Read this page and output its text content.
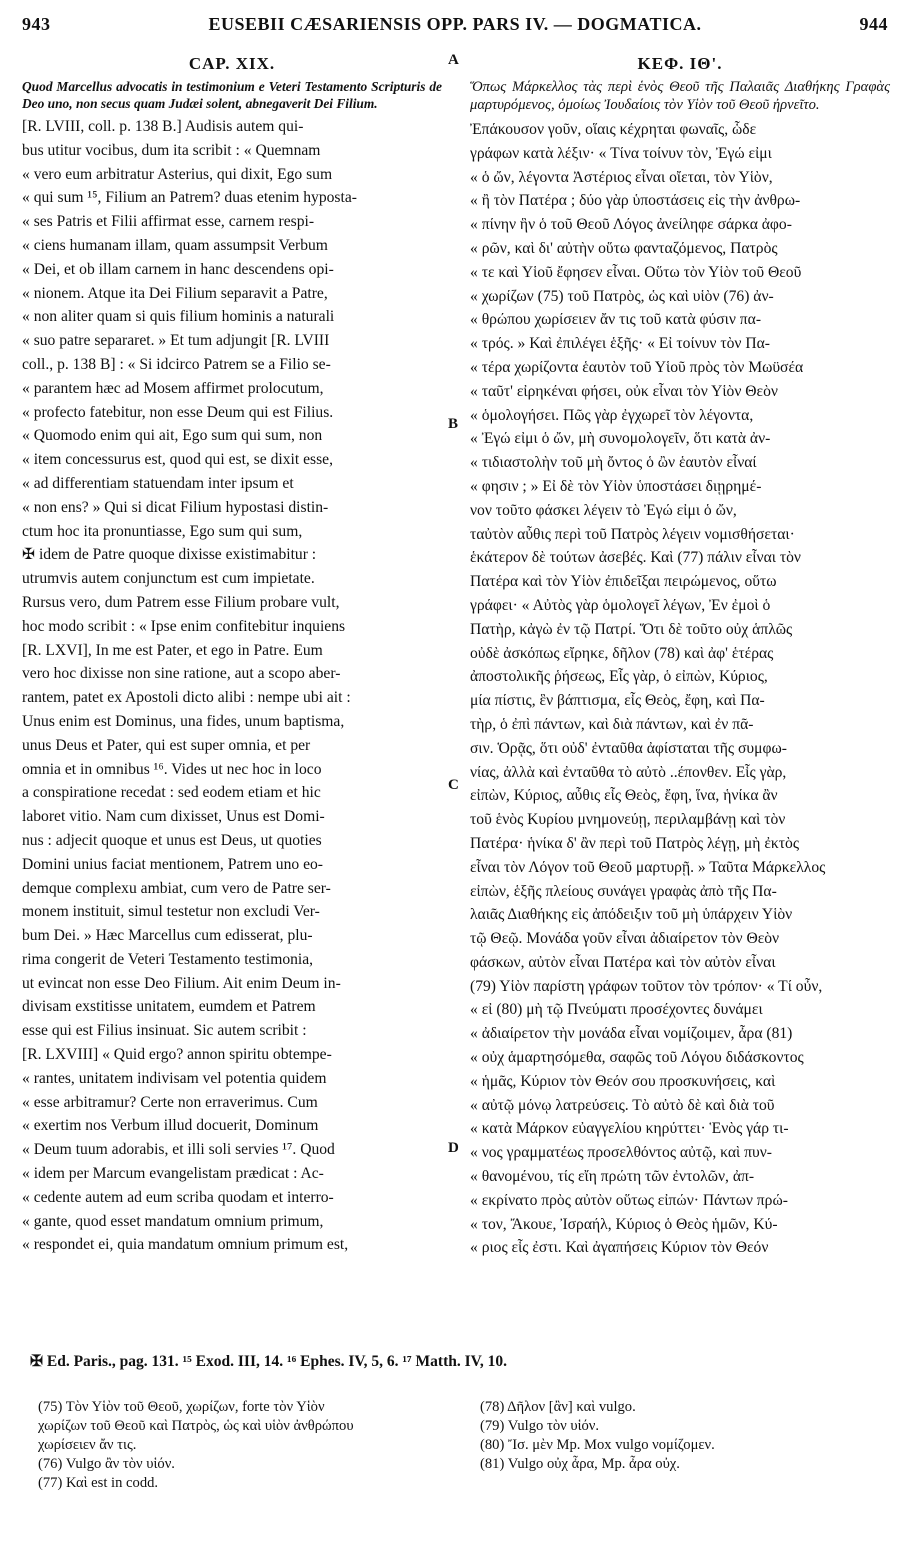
943	EUSEBII CÆSARIENSIS OPP. PARS IV. — DOGMATICA.	944
CAP. XIX.

Quod Marcellus advocatis in testimonium e Veteri Testamento Scripturis de Deo uno, non secus quam Judæi solent, abnegaverit Dei Filium.

[R. LVIII, coll. p. 138 B.] Audisis autem qui-
bus utitur vocibus, dum ita scribit : « Quemnam
« vero eum arbitratur Asterius, qui dixit, Ego sum
« qui sum ¹⁵, Filium an Patrem? duas etenim hyposta-
« ses Patris et Filii affirmat esse, carnem respi-
« ciens humanam illam, quam assumpsit Verbum
« Dei, et ob illam carnem in hanc descendens opi-
« nionem. Atque ita Dei Filium separavit a Patre,
« non aliter quam si quis filium hominis a naturali
« suo patre separaret. » Et tum adjungit [R. LVIII
coll., p. 138 B] : « Si idcirco Patrem se a Filio se-
« parantem hæc ad Mosem affirmet prolocutum,
« profecto fatebitur, non esse Deum qui est Filius.
« Quomodo enim qui ait, Ego sum qui sum, non
« item concessurus est, quod qui est, se dixit esse,
« ad differentiam statuendam inter ipsum et
« non ens? » Qui si dicat Filium hypostasi distin-
ctum hoc ita pronuntiasse, Ego sum qui sum,
✠ idem de Patre quoque dixisse existimabitur :
utrumvis autem conjunctum est cum impietate.
Rursus vero, dum Patrem esse Filium probare vult,
hoc modo scribit : « Ipse enim confitebitur inquiens
[R. LXVI], In me est Pater, et ego in Patre. Eum
vero hoc dixisse non sine ratione, aut a scopo aber-
rantem, patet ex Apostoli dicto alibi : nempe ubi ait :
Unus enim est Dominus, una fides, unum baptisma,
unus Deus et Pater, qui est super omnia, et per
omnia et in omnibus ¹⁶. Vides ut nec hoc in loco
a conspiratione recedat : sed eodem etiam et hic
laboret vitio. Nam cum dixisset, Unus est Domi-
nus : adjecit quoque et unus est Deus, ut quoties
Domini unius faciat mentionem, Patrem uno eo-
demque complexu ambiat, cum vero de Patre ser-
monem instituit, simul testetur non excludi Ver-
bum Dei. » Hæc Marcellus cum edisserat, plu-
rima congerit de Veteri Testamento testimonia,
ut evincat non esse Deo Filium. Ait enim Deum in-
divisam exstitisse unitatem, eumdem et Patrem
esse qui est Filius insinuat. Sic autem scribit :
[R. LXVIII] « Quid ergo? annon spiritu obtempe-
« rantes, unitatem indivisam vel potentia quidem
« esse arbitramur? Certe non erraverimus. Cum
« exertim nos Verbum illud docuerit, Dominum
« Deum tuum adorabis, et illi soli servies ¹⁷. Quod
« idem per Marcum evangelistam prædicat : Ac-
« cedente autem ad eum scriba quodam et interro-
« gante, quod esset mandatum omnium primum,
« respondet ei, quia mandatum omnium primum est,
ΚΕΦ. ΙΘ'.

Ὅπως Μάρκελλος τὰς περὶ ἑνὸς Θεοῦ τῆς Παλαιᾶς Διαθήκης Γραφὰς μαρτυρόμενος, ὁμοίως Ἰουδαίοις τὸν Υἱὸν τοῦ Θεοῦ ἠρνεῖτο.

Ἐπάκουσον γοῦν, οἵαις κέχρηται φωναῖς, ὧδε
γράφων κατὰ λέξιν· « Τίνα τοίνυν τὸν, Ἐγώ εἰμι
« ὁ ὤν, λέγοντα Ἀστέριος εἶναι οἴεται, τὸν Υἱὸν,
« ἢ τὸν Πατέρα ; δύο γὰρ ὑποστάσεις εἰς τὴν ἀνθρω-
« πίνην ἣν ὁ τοῦ Θεοῦ Λόγος ἀνείληφε σάρκα ἀφο-
« ρῶν, καὶ δι' αὐτὴν οὕτω φανταζόμενος, Πατρὸς
« τε καὶ Υἱοῦ ἔφησεν εἶναι. Οὕτω τὸν Υἱὸν τοῦ Θεοῦ
« χωρίζων (75) τοῦ Πατρὸς, ὡς καὶ υἱὸν (76) ἀν-
« θρώπου χωρίσειεν ἄν τις τοῦ κατὰ φύσιν πα-
« τρός. » Καὶ ἐπιλέγει ἑξῆς· « Εἰ τοίνυν τὸν Πα-
« τέρα χωρίζοντα ἑαυτὸν τοῦ Υἱοῦ πρὸς τὸν Μωϋσέα
« ταῦτ' εἰρηκέναι φήσει, οὐκ εἶναι τὸν Υἱὸν Θεὸν
« ὁμολογήσει. Πῶς γὰρ ἐγχωρεῖ τὸν λέγοντα,
« Ἐγώ εἰμι ὁ ὤν, μὴ συνομολογεῖν, ὅτι κατὰ ἀν-
« τιδιαστολὴν τοῦ μὴ ὄντος ὁ ὢν ἑαυτὸν εἶναί
« φησιν ; » Εἰ δὲ τὸν Υἱὸν ὑποστάσει διῃρημέ-
νον τοῦτο φάσκει λέγειν τὸ Ἐγώ εἰμι ὁ ὤν,
ταὐτὸν αὖθις περὶ τοῦ Πατρὸς λέγειν νομισθήσεται·
ἑκάτερον δὲ τούτων ἀσεβές. Καὶ (77) πάλιν εἶναι τὸν
Πατέρα καὶ τὸν Υἱὸν ἐπιδεῖξαι πειρώμενος, οὕτω
γράφει· « Αὐτὸς γὰρ ὁμολογεῖ λέγων, Ἐν ἐμοὶ ὁ
Πατὴρ, κἀγὼ ἐν τῷ Πατρί. Ὅτι δὲ τοῦτο οὐχ ἁπλῶς
οὐδὲ ἀσκόπως εἴρηκε, δῆλον (78) καὶ ἀφ' ἑτέρας
ἀποστολικῆς ῥήσεως, Εἷς γὰρ, ὁ εἰπὼν, Κύριος,
μία πίστις, ἓν βάπτισμα, εἷς Θεὸς, ἔφη, καὶ Πα-
τὴρ, ὁ ἐπὶ πάντων, καὶ διὰ πάντων, καὶ ἐν πᾶ-
σιν. Ὁρᾷς, ὅτι οὐδ' ἐνταῦθα ἀφίσταται τῆς συμφω-
νίας, ἀλλὰ καὶ ἐνταῦθα τὸ αὐτὸ ..έπονθεν. Εἷς γὰρ,
εἰπὼν, Κύριος, αὖθις εἷς Θεὸς, ἔφη, ἵνα, ἡνίκα ἂν
τοῦ ἑνὸς Κυρίου μνημονεύῃ, περιλαμβάνῃ καὶ τὸν
Πατέρα· ἡνίκα δ' ἂν περὶ τοῦ Πατρὸς λέγῃ, μὴ ἐκτὸς
εἶναι τὸν Λόγον τοῦ Θεοῦ μαρτυρῇ. » Ταῦτα Μάρκελλος
εἰπὼν, ἑξῆς πλείους συνάγει γραφὰς ἀπὸ τῆς Πα-
λαιᾶς Διαθήκης εἰς ἀπόδειξιν τοῦ μὴ ὑπάρχειν Υἱὸν
τῷ Θεῷ. Μονάδα γοῦν εἶναι ἀδιαίρετον τὸν Θεὸν
φάσκων, αὐτὸν εἶναι Πατέρα καὶ τὸν αὐτὸν εἶναι
(79) Υἱὸν παρίστη γράφων τοῦτον τὸν τρόπον· « Τί οὖν,
« εἰ (80) μὴ τῷ Πνεύματι προσέχοντες δυνάμει
« ἀδιαίρετον τὴν μονάδα εἶναι νομίζοιμεν, ἆρα (81)
« οὐχ ἁμαρτησόμεθα, σαφῶς τοῦ Λόγου διδάσκοντος
« ἡμᾶς, Κύριον τὸν Θεόν σου προσκυνήσεις, καὶ
« αὐτῷ μόνῳ λατρεύσεις. Τὸ αὐτὸ δὲ καὶ διὰ τοῦ
« κατὰ Μάρκον εὐαγγελίου κηρύττει· Ἑνὸς γάρ τι-
« νος γραμματέως προσελθόντος αὐτῷ, καὶ πυν-
« θανομένου, τίς εἴη πρώτη τῶν ἐντολῶν, ἀπ-
« εκρίνατο πρὸς αὐτὸν οὕτως εἰπών· Πάντων πρώ-
« τον, Ἄκουε, Ἰσραήλ, Κύριος ὁ Θεὸς ἡμῶν, Κύ-
« ριος εἷς ἐστι. Καὶ ἀγαπήσεις Κύριον τὸν Θεόν
A
B
C
D
✠ Ed. Paris., pag. 131. ¹⁵ Exod. III, 14. ¹⁶ Ephes. IV, 5, 6. ¹⁷ Matth. IV, 10.
(75) Τὸν Υἱὸν τοῦ Θεοῦ, χωρίζων, forte τὸν Υἱὸν
χωρίζων τοῦ Θεοῦ καὶ Πατρὸς, ὡς καὶ υἱὸν ἀνθρώπου
χωρίσειεν ἄν τις.
(76) Vulgo ἂν τὸν υἱόν.
(77) Καὶ est in codd.
(78) Δῆλον [ἂν] καὶ vulgo.
(79) Vulgo τὸν υἱόν.
(80) Ἴσ. μὲν Mp. Mox vulgo νομίζομεν.
(81) Vulgo οὐχ ἆρα, Mp. ἆρα οὐχ.
